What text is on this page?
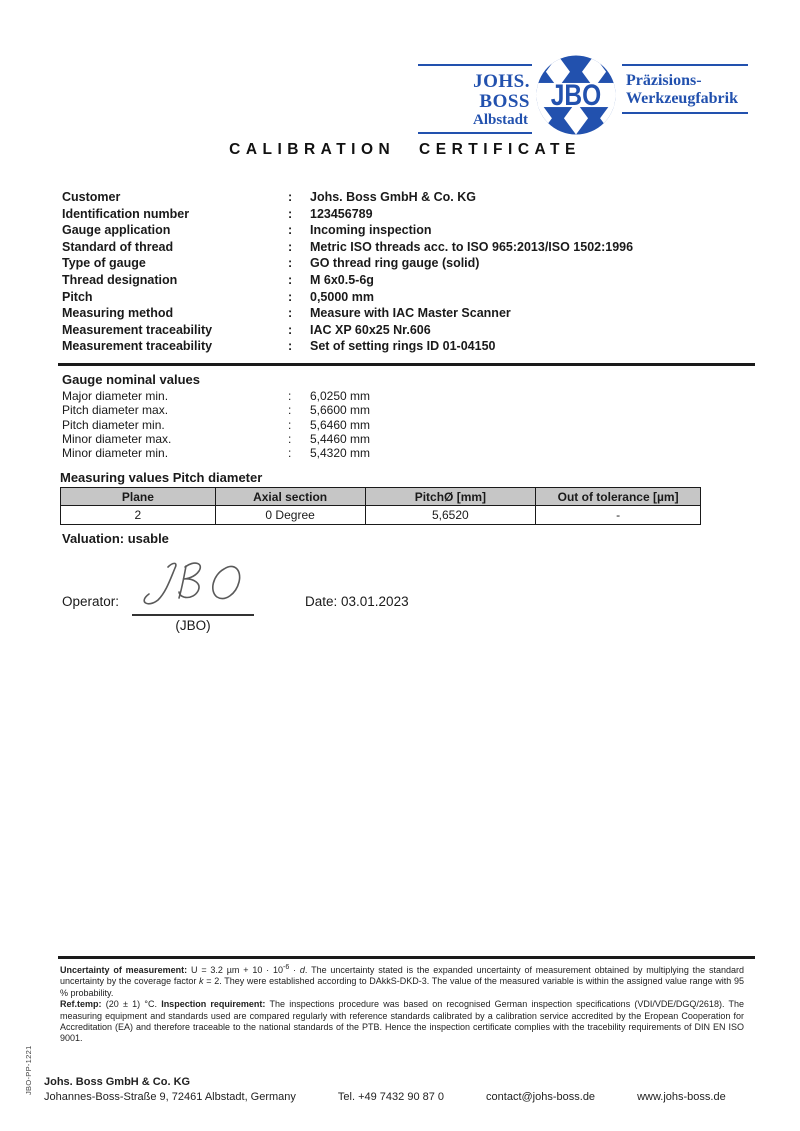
JOHS. BOSS
Albstadt
JBO Präzisions-
Werkzeugfabrik
CALIBRATION CERTIFICATE
Customer	:	Johs. Boss GmbH & Co. KG
Identification number	:	123456789
Gauge application	:	Incoming inspection
Standard of thread	:	Metric ISO threads acc. to ISO 965:2013/ISO 1502:1996
Type of gauge	:	GO thread ring gauge (solid)
Thread designation	:	M 6x0.5-6g
Pitch	:	0,5000 mm
Measuring method	:	Measure with IAC Master Scanner
Measurement traceability	:	IAC XP 60x25 Nr.606
Measurement traceability	:	Set of setting rings ID 01-04150
Gauge nominal values
Major diameter min.	:	6,0250 mm
Pitch diameter max.	:	5,6600 mm
Pitch diameter min.	:	5,6460 mm
Minor diameter max.	:	5,4460 mm
Minor diameter min.	:	5,4320 mm
Measuring values Pitch diameter
Plane	Axial section	PitchØ [mm]	Out of tolerance [µm]
2	0 Degree	5,6520	-
Valuation: usable
Operator:
(JBO)
Date: 03.01.2023

Uncertainty of measurement: U = 3.2 $\mu m + 10 \cdot 10^{-6} \cdot d$. The uncertainty stated is the expanded uncertainty of measurement obtained by multiplying the standard uncertainty by the coverage factor k = 2. They were established according to DAkkS-DKD-3. The value of the measured variable is within the assigned value range with 95 % probability.

Ref.temp: (20 ± 1) °C. Inspection requirement: The inspections procedure was based on recognised German inspection specifications (VDI/VDE/DGQ/2618). The measuring equipment and standards used are compared regularly with reference standards calibrated by a calibration service accredited by the Eropean Cooperation for Accreditation (EA) and therefore traceable to the national standards of the PTB. Hence the inspection certificate complies with the tracebility requirements of DIN EN ISO 9001.

Johs. Boss GmbH & Co. KG
Johannes-Boss-Straße 9, 72461 Albstadt, Germany	Tel. +49 7432 90 87 0	contact@johs-boss.de	www.johs-boss.de
JBO-PP-1221
